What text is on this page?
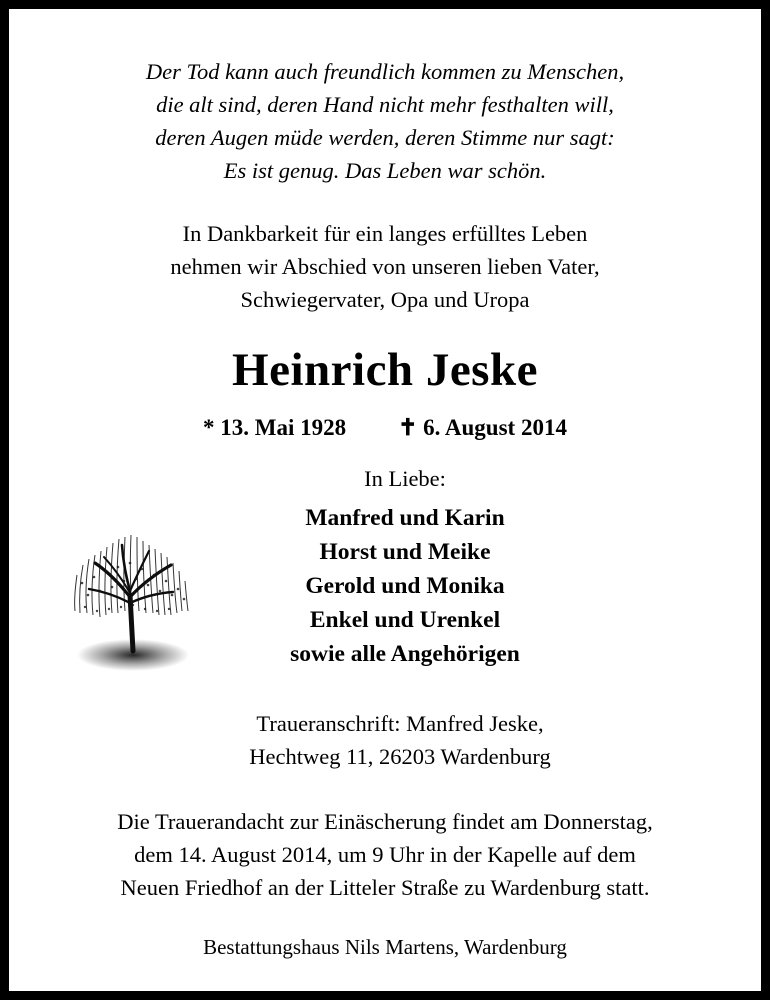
Der Tod kann auch freundlich kommen zu Menschen,
die alt sind, deren Hand nicht mehr festhalten will,
deren Augen müde werden, deren Stimme nur sagt:
Es ist genug. Das Leben war schön.
In Dankbarkeit für ein langes erfülltes Leben
nehmen wir Abschied von unseren lieben Vater,
Schwiegervater, Opa und Uropa
Heinrich Jeske
* 13. Mai 1928 ✝ 6. August 2014
In Liebe:
Manfred und Karin
Horst und Meike
Gerold und Monika
Enkel und Urenkel
sowie alle Angehörigen
Traueranschrift: Manfred Jeske,
Hechtweg 11, 26203 Wardenburg
Die Trauerandacht zur Einäscherung findet am Donnerstag,
dem 14. August 2014, um 9 Uhr in der Kapelle auf dem
Neuen Friedhof an der Litteler Straße zu Wardenburg statt.
Bestattungshaus Nils Martens, Wardenburg
